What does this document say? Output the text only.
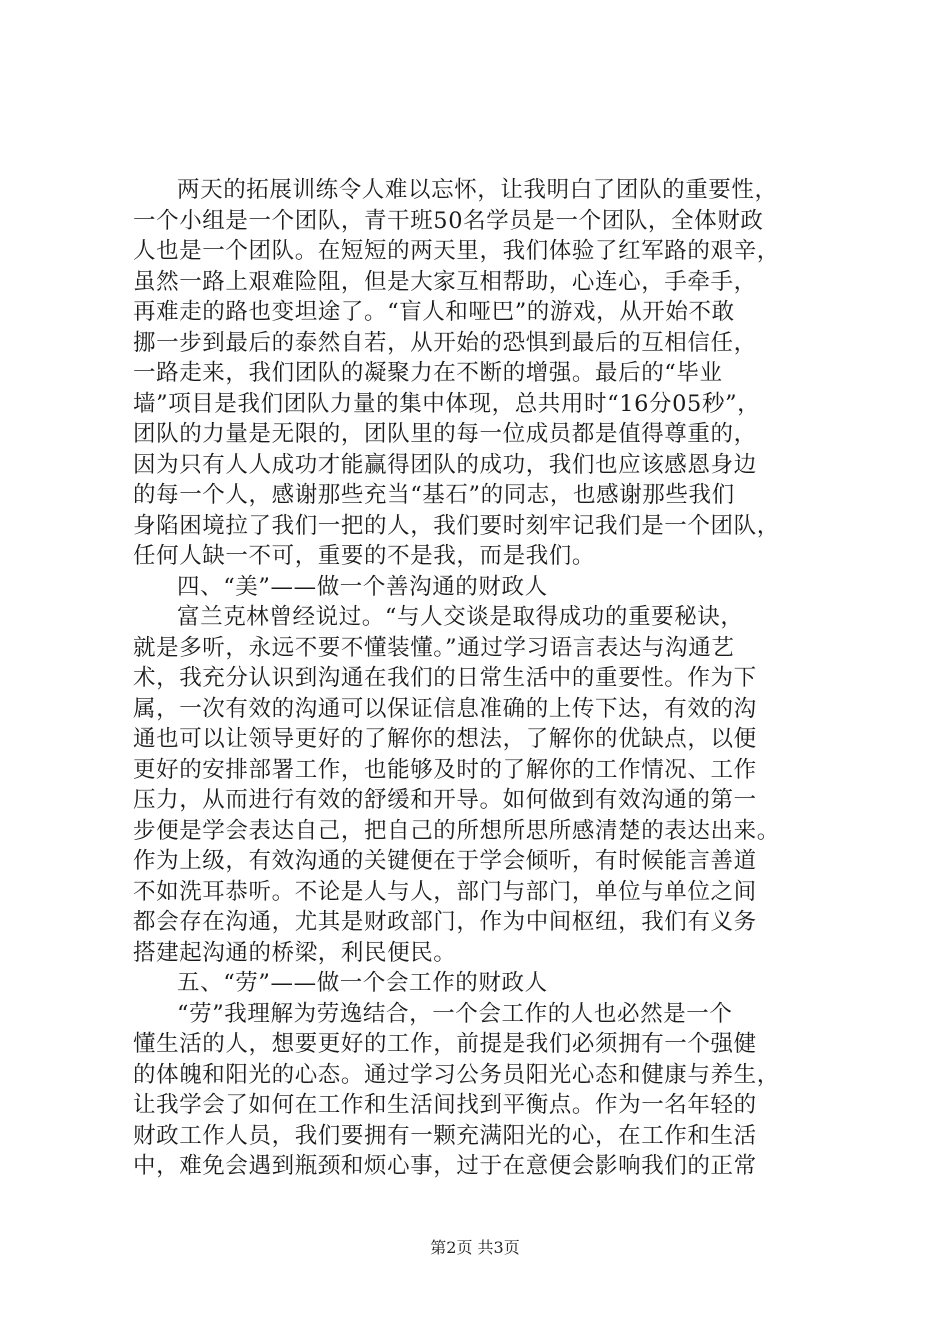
两天的拓展训练令人难以忘怀，让我明白了团队的重要性，
一个小组是一个团队，青干班50名学员是一个团队，全体财政
人也是一个团队。在短短的两天里，我们体验了红军路的艰辛，
虽然一路上艰难险阻，但是大家互相帮助，心连心，手牵手，
再难走的路也变坦途了。“盲人和哑巴”的游戏，从开始不敢
挪一步到最后的泰然自若，从开始的恐惧到最后的互相信任，
一路走来，我们团队的凝聚力在不断的增强。最后的“毕业
墙”项目是我们团队力量的集中体现，总共用时“16分05秒”，
团队的力量是无限的，团队里的每一位成员都是值得尊重的，
因为只有人人成功才能赢得团队的成功，我们也应该感恩身边
的每一个人，感谢那些充当“基石”的同志，也感谢那些我们
身陷困境拉了我们一把的人，我们要时刻牢记我们是一个团队，
任何人缺一不可，重要的不是我，而是我们。
四、“美”——做一个善沟通的财政人
富兰克林曾经说过。“与人交谈是取得成功的重要秘诀，
就是多听，永远不要不懂装懂。”通过学习语言表达与沟通艺
术，我充分认识到沟通在我们的日常生活中的重要性。作为下
属，一次有效的沟通可以保证信息准确的上传下达，有效的沟
通也可以让领导更好的了解你的想法，了解你的优缺点，以便
更好的安排部署工作，也能够及时的了解你的工作情况、工作
压力，从而进行有效的舒缓和开导。如何做到有效沟通的第一
步便是学会表达自己，把自己的所想所思所感清楚的表达出来。
作为上级，有效沟通的关键便在于学会倾听，有时候能言善道
不如洗耳恭听。不论是人与人，部门与部门，单位与单位之间
都会存在沟通，尤其是财政部门，作为中间枢纽，我们有义务
搭建起沟通的桥梁，利民便民。
五、“劳”——做一个会工作的财政人
“劳”我理解为劳逸结合，一个会工作的人也必然是一个
懂生活的人，想要更好的工作，前提是我们必须拥有一个强健
的体魄和阳光的心态。通过学习公务员阳光心态和健康与养生，
让我学会了如何在工作和生活间找到平衡点。作为一名年轻的
财政工作人员，我们要拥有一颗充满阳光的心，在工作和生活
中，难免会遇到瓶颈和烦心事，过于在意便会影响我们的正常
第2页 共3页
